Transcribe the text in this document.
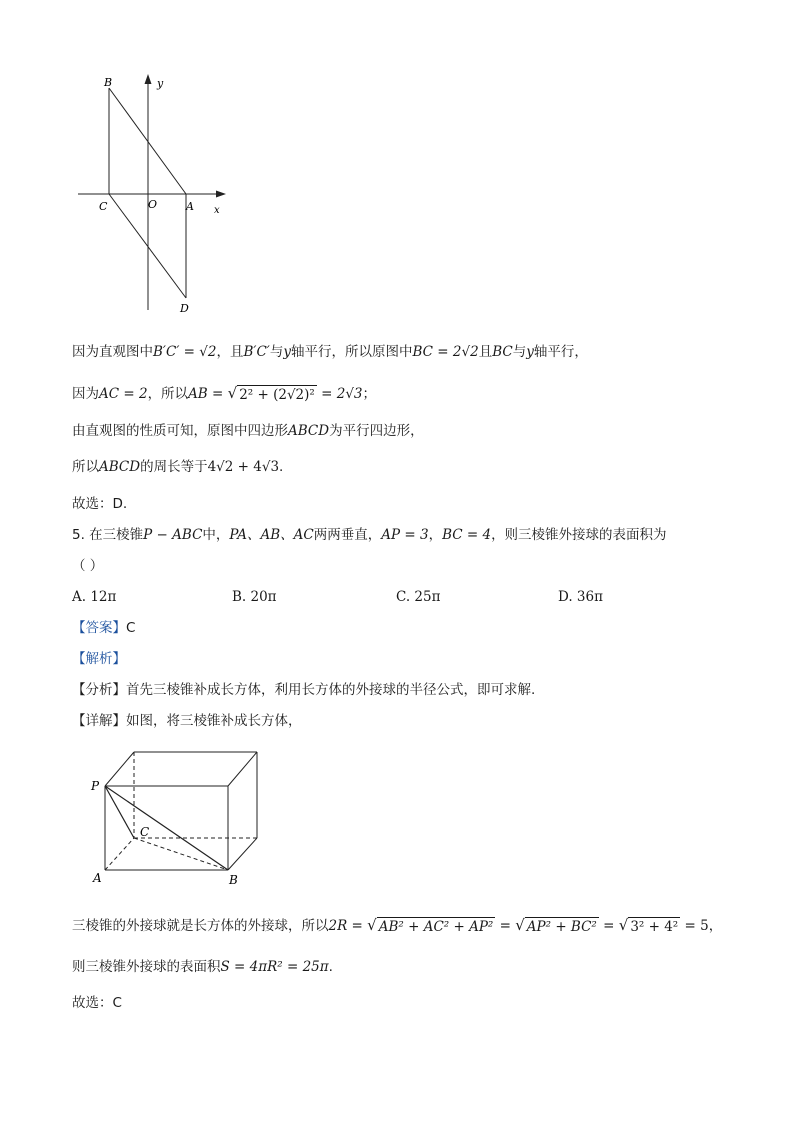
B	y
C	O	A x
D
因为直观图中B′C′ = √2，且B′C′与y轴平行，所以原图中BC = 2√2且BC与y轴平行，
因为AC = 2，所以AB = √ 2² + (2√2)² = 2√3；
由直观图的性质可知，原图中四边形ABCD为平行四边形，
所以ABCD的周长等于4√2 + 4√3.
故选：D.
5. 在三棱锥P − ABC中，PA、AB、AC两两垂直，AP = 3，BC = 4，则三棱锥外接球的表面积为
（ ）
A. 12π	B. 20π	C. 25π	D. 36π
【答案】C
【解析】
【分析】首先三棱锥补成长方体，利用长方体的外接球的半径公式，即可求解.
【详解】如图，将三棱锥补成长方体，
P
C
A	B
三棱锥的外接球就是长方体的外接球，所以2R = √ AB² + AC² + AP² = √ AP² + BC² = √ 3² + 4² = 5，
则三棱锥外接球的表面积S = 4πR² = 25π.
故选：C
